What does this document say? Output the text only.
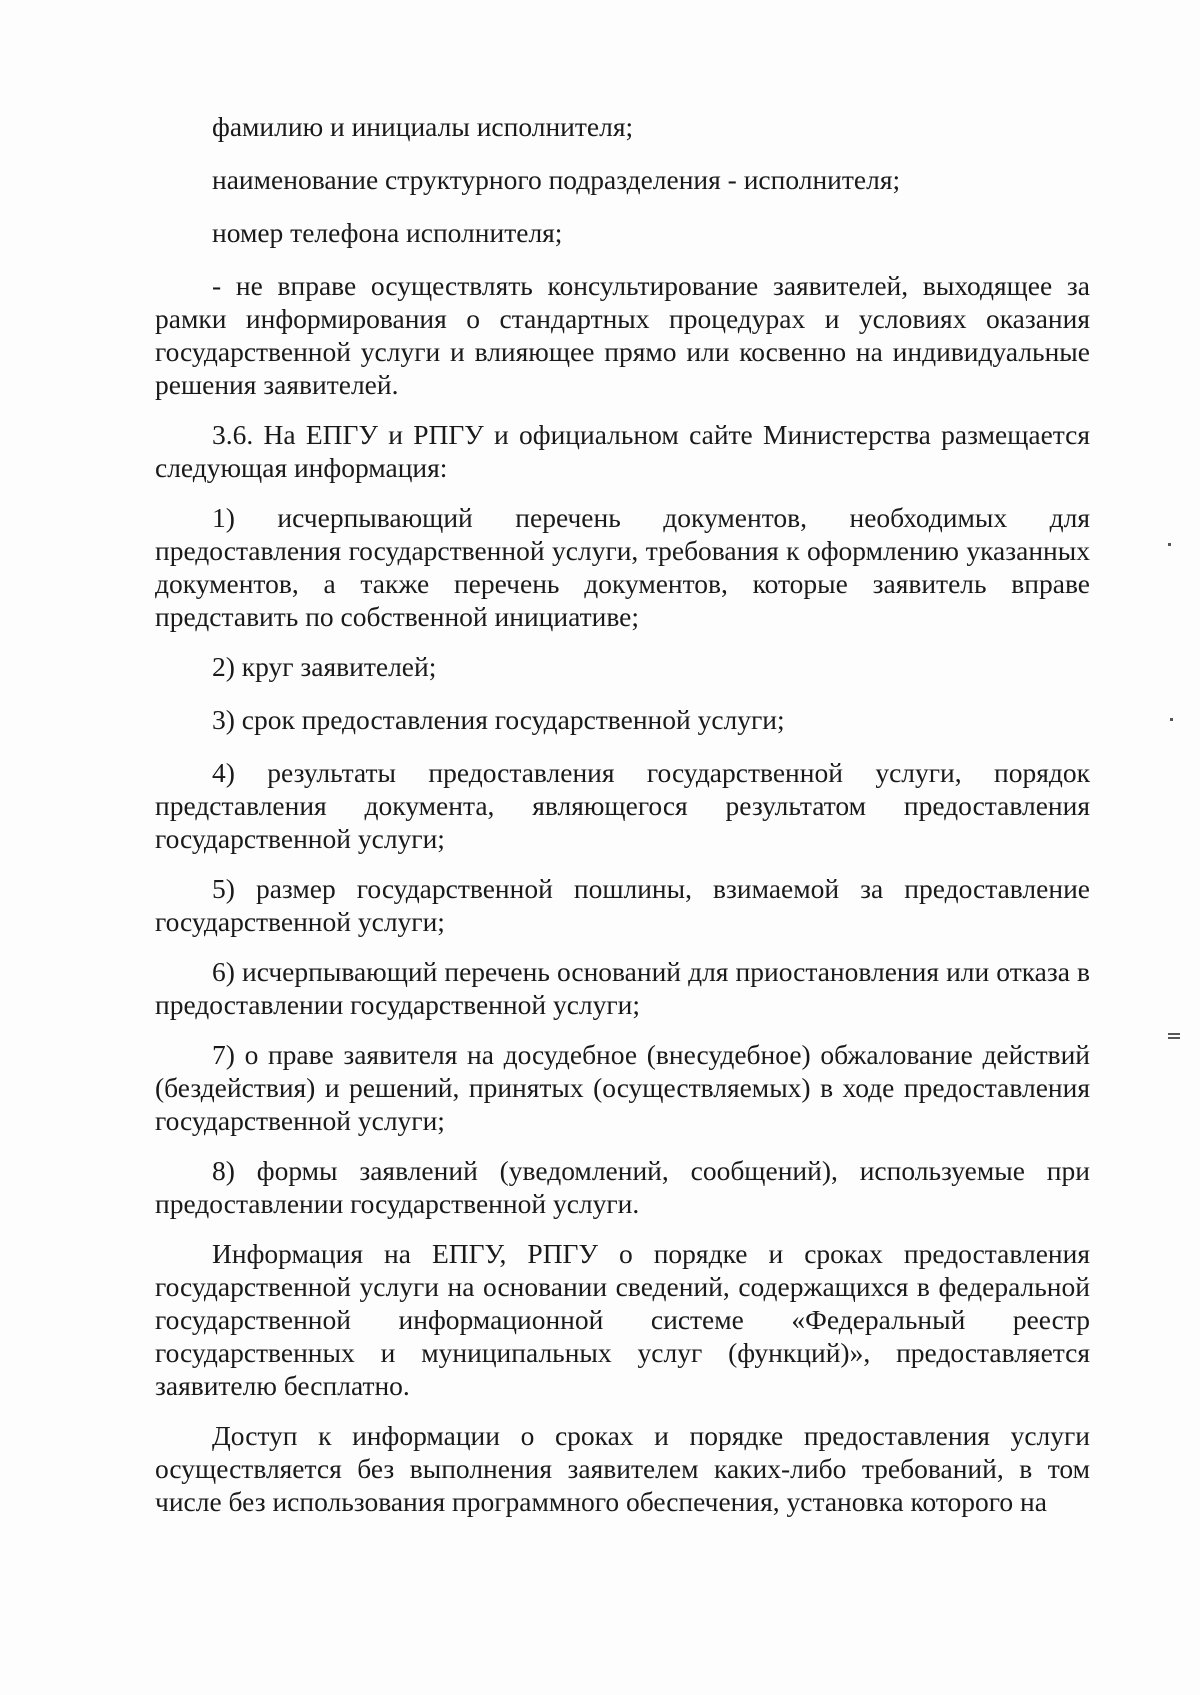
фамилию и инициалы исполнителя;

наименование структурного подразделения - исполнителя;

номер телефона исполнителя;

- не вправе осуществлять консультирование заявителей, выходящее за рамки информирования о стандартных процедурах и условиях оказания государственной услуги и влияющее прямо или косвенно на индивидуальные решения заявителей.

3.6. На ЕПГУ и РПГУ и официальном сайте Министерства размещается следующая информация:

1) исчерпывающий перечень документов, необходимых для предоставления государственной услуги, требования к оформлению указанных документов, а также перечень документов, которые заявитель вправе представить по собственной инициативе;

2) круг заявителей;

3) срок предоставления государственной услуги;

4) результаты предоставления государственной услуги, порядок представления документа, являющегося результатом предоставления государственной услуги;

5) размер государственной пошлины, взимаемой за предоставление государственной услуги;

6) исчерпывающий перечень оснований для приостановления или отказа в предоставлении государственной услуги;

7) о праве заявителя на досудебное (внесудебное) обжалование действий (бездействия) и решений, принятых (осуществляемых) в ходе предоставления государственной услуги;

8) формы заявлений (уведомлений, сообщений), используемые при предоставлении государственной услуги.

Информация на ЕПГУ, РПГУ о порядке и сроках предоставления государственной услуги на основании сведений, содержащихся в федеральной государственной информационной системе «Федеральный реестр государственных и муниципальных услуг (функций)», предоставляется заявителю бесплатно.

Доступ к информации о сроках и порядке предоставления услуги осуществляется без выполнения заявителем каких-либо требований, в том числе без использования программного обеспечения, установка которого на
